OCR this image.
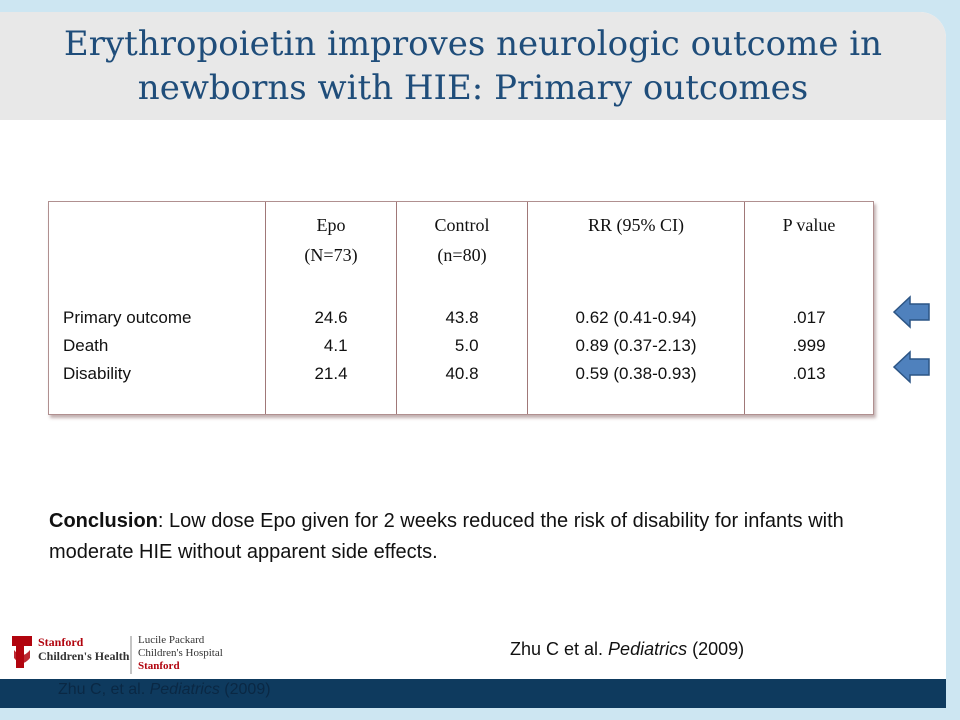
Erythropoietin improves neurologic outcome in
newborns with HIE: Primary outcomes
Primary outcome
Death
Disability
Epo
(N=73)
24.6
4.1
21.4
Control
(n=80)
43.8
5.0
40.8
RR (95% CI)
0.62 (0.41-0.94)
0.89 (0.37-2.13)
0.59 (0.38-0.93)
P value
.017
.999
.013
Conclusion: Low dose Epo given for 2 weeks reduced the risk of disability for infants with moderate HIE without apparent side effects.
Zhu C et al. Pediatrics (2009)
Stanford
Children's Health
Lucile Packard
Children's Hospital
Stanford
Zhu C, et al. Pediatrics (2009)
